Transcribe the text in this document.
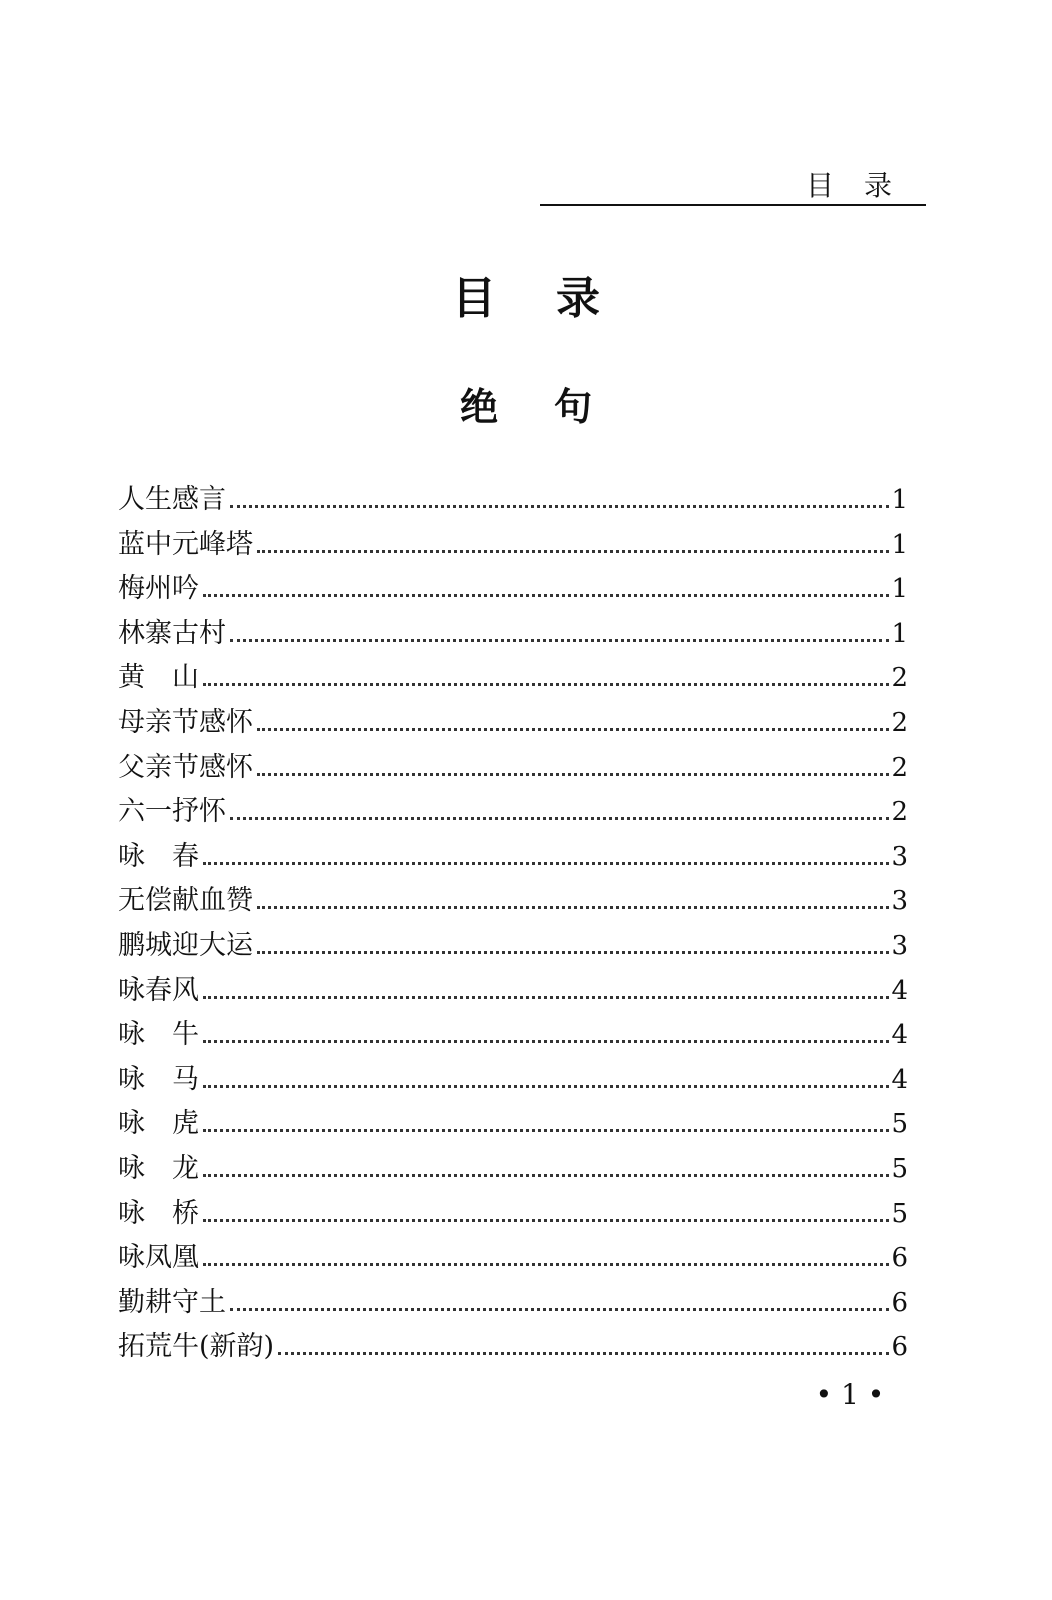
目录
目录
绝句
人生感言	1
蓝中元峰塔	1
梅州吟	1
林寨古村	1
黄　山	2
母亲节感怀	2
父亲节感怀	2
六一抒怀	2
咏　春	3
无偿献血赞	3
鹏城迎大运	3
咏春风	4
咏　牛	4
咏　马	4
咏　虎	5
咏　龙	5
咏　桥	5
咏凤凰	6
勤耕守土	6
拓荒牛(新韵)	6
• 1 •
